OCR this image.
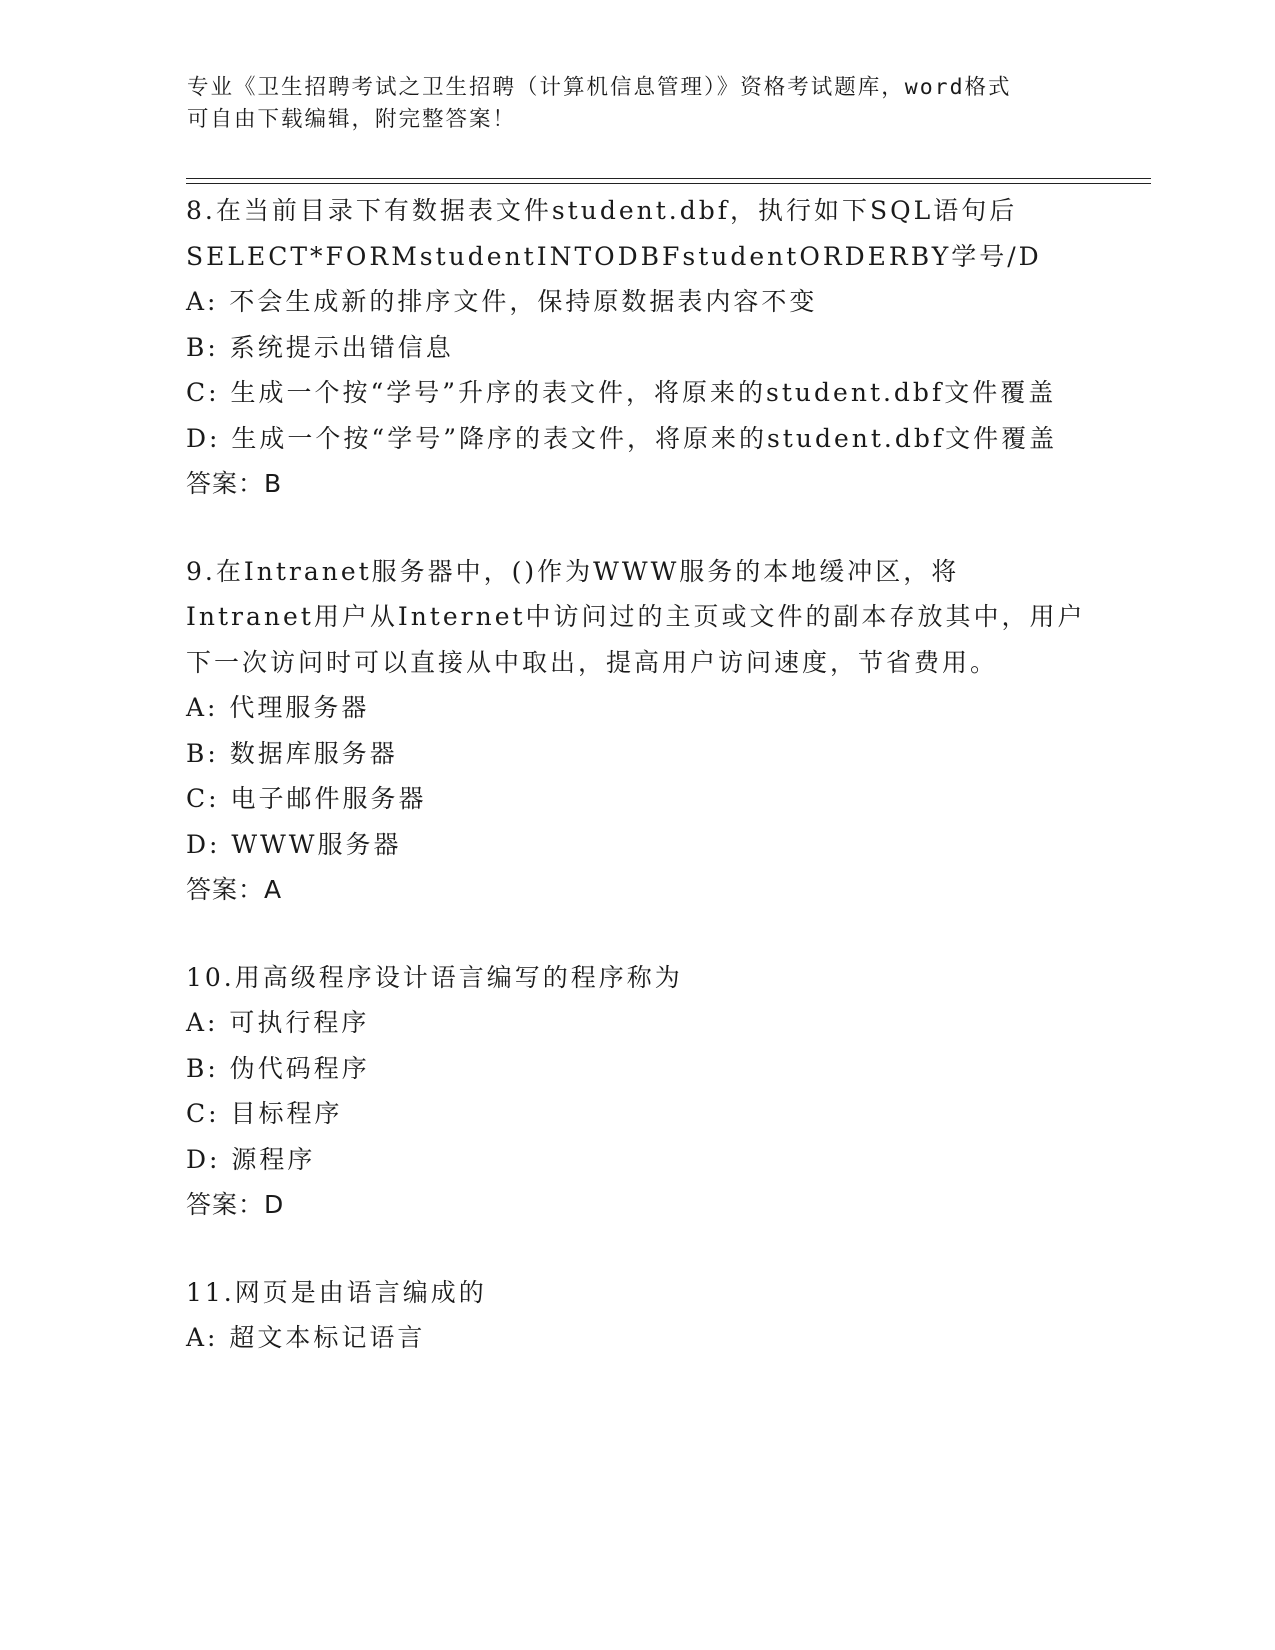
专业《卫生招聘考试之卫生招聘（计算机信息管理）》资格考试题库，word格式
可自由下载编辑，附完整答案！
8.在当前目录下有数据表文件student.dbf，执行如下SQL语句后
SELECT*FORMstudentINTODBFstudentORDERBY学号/D
A: 不会生成新的排序文件，保持原数据表内容不变
B: 系统提示出错信息
C: 生成一个按“学号”升序的表文件，将原来的student.dbf文件覆盖
D: 生成一个按“学号”降序的表文件，将原来的student.dbf文件覆盖
答案：B
9.在Intranet服务器中，()作为WWW服务的本地缓冲区，将Intranet用户从Internet中访问过的主页或文件的副本存放其中，用户下一次访问时可以直接从中取出，提高用户访问速度，节省费用。
A: 代理服务器
B: 数据库服务器
C: 电子邮件服务器
D: WWW服务器
答案：A
10.用高级程序设计语言编写的程序称为
A: 可执行程序
B: 伪代码程序
C: 目标程序
D: 源程序
答案：D
11.网页是由语言编成的
A: 超文本标记语言
